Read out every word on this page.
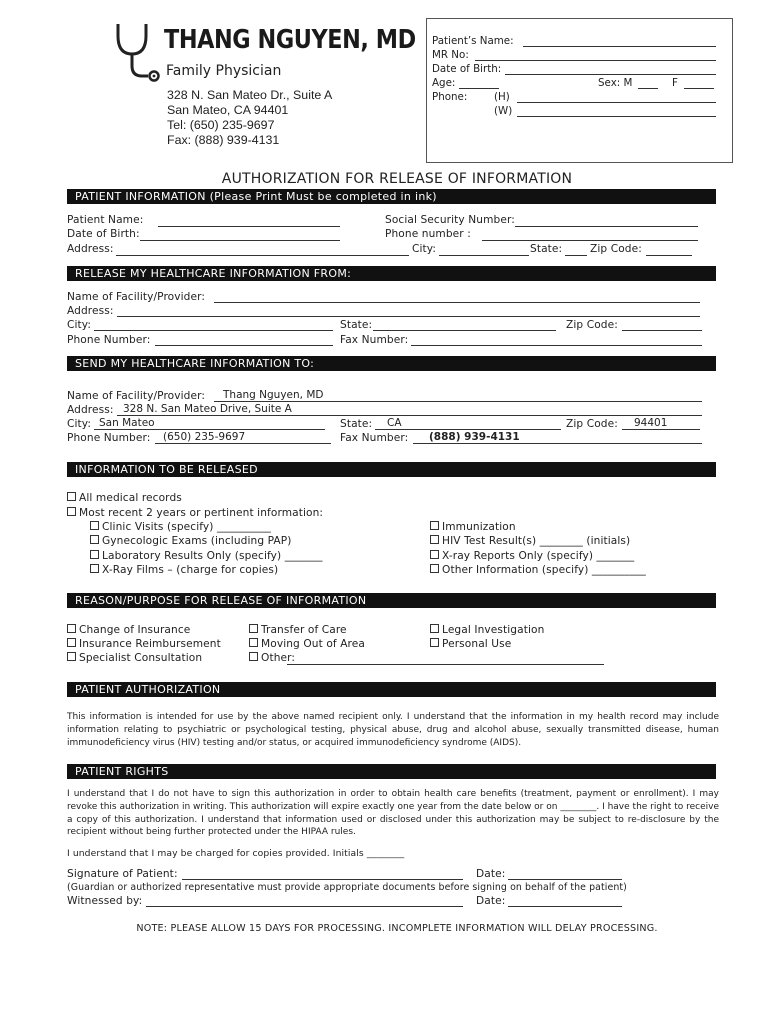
THANG NGUYEN, MD
Family Physician
328 N. San Mateo Dr., Suite A
San Mateo, CA 94401
Tel: (650) 235-9697
Fax: (888) 939-4131
Patient’s Name:
MR No:
Date of Birth:
Age:	Sex: M	F
Phone:	(H)
(W)
AUTHORIZATION FOR RELEASE OF INFORMATION
PATIENT INFORMATION (Please Print Must be completed in ink)
Patient Name:
Date of Birth:
Address:
Social Security Number:
Phone number :
City:	State:	Zip Code:
RELEASE MY HEALTHCARE INFORMATION FROM:
Name of Facility/Provider:
Address:
City:	State:	Zip Code:
Phone Number:	Fax Number:
SEND MY HEALTHCARE INFORMATION TO:
Name of Facility/Provider: Thang Nguyen, MD
Address: 328 N. San Mateo Drive, Suite A
City: San Mateo	State: CA	Zip Code: 94401
Phone Number: (650) 235-9697	Fax Number: (888) 939-4131
INFORMATION TO BE RELEASED
All medical records
Most recent 2 years or pertinent information:
Clinic Visits (specify) __________
Gynecologic Exams (including PAP)
Laboratory Results Only (specify) _______
X-Ray Films – (charge for copies)
Immunization
HIV Test Result(s) ________ (initials)
X-ray Reports Only (specify) _______
Other Information (specify) __________
REASON/PURPOSE FOR RELEASE OF INFORMATION
Change of Insurance
Insurance Reimbursement
Specialist Consultation
Transfer of Care
Moving Out of Area
Other:
Legal Investigation
Personal Use
PATIENT AUTHORIZATION
This information is intended for use by the above named recipient only. I understand that the information in my health record may include information relating to psychiatric or psychological testing, physical abuse, drug and alcohol abuse, sexually transmitted disease, human immunodeficiency virus (HIV) testing and/or status, or acquired immunodeficiency syndrome (AIDS).
PATIENT RIGHTS
I understand that I do not have to sign this authorization in order to obtain health care benefits (treatment, payment or enrollment). I may revoke this authorization in writing. This authorization will expire exactly one year from the date below or on ________. I have the right to receive a copy of this authorization. I understand that information used or disclosed under this authorization may be subject to re-disclosure by the recipient without being further protected under the HIPAA rules.
I understand that I may be charged for copies provided. Initials ________
Signature of Patient:	Date:
(Guardian or authorized representative must provide appropriate documents before signing on behalf of the patient)
Witnessed by:	Date:
NOTE: PLEASE ALLOW 15 DAYS FOR PROCESSING. INCOMPLETE INFORMATION WILL DELAY PROCESSING.
